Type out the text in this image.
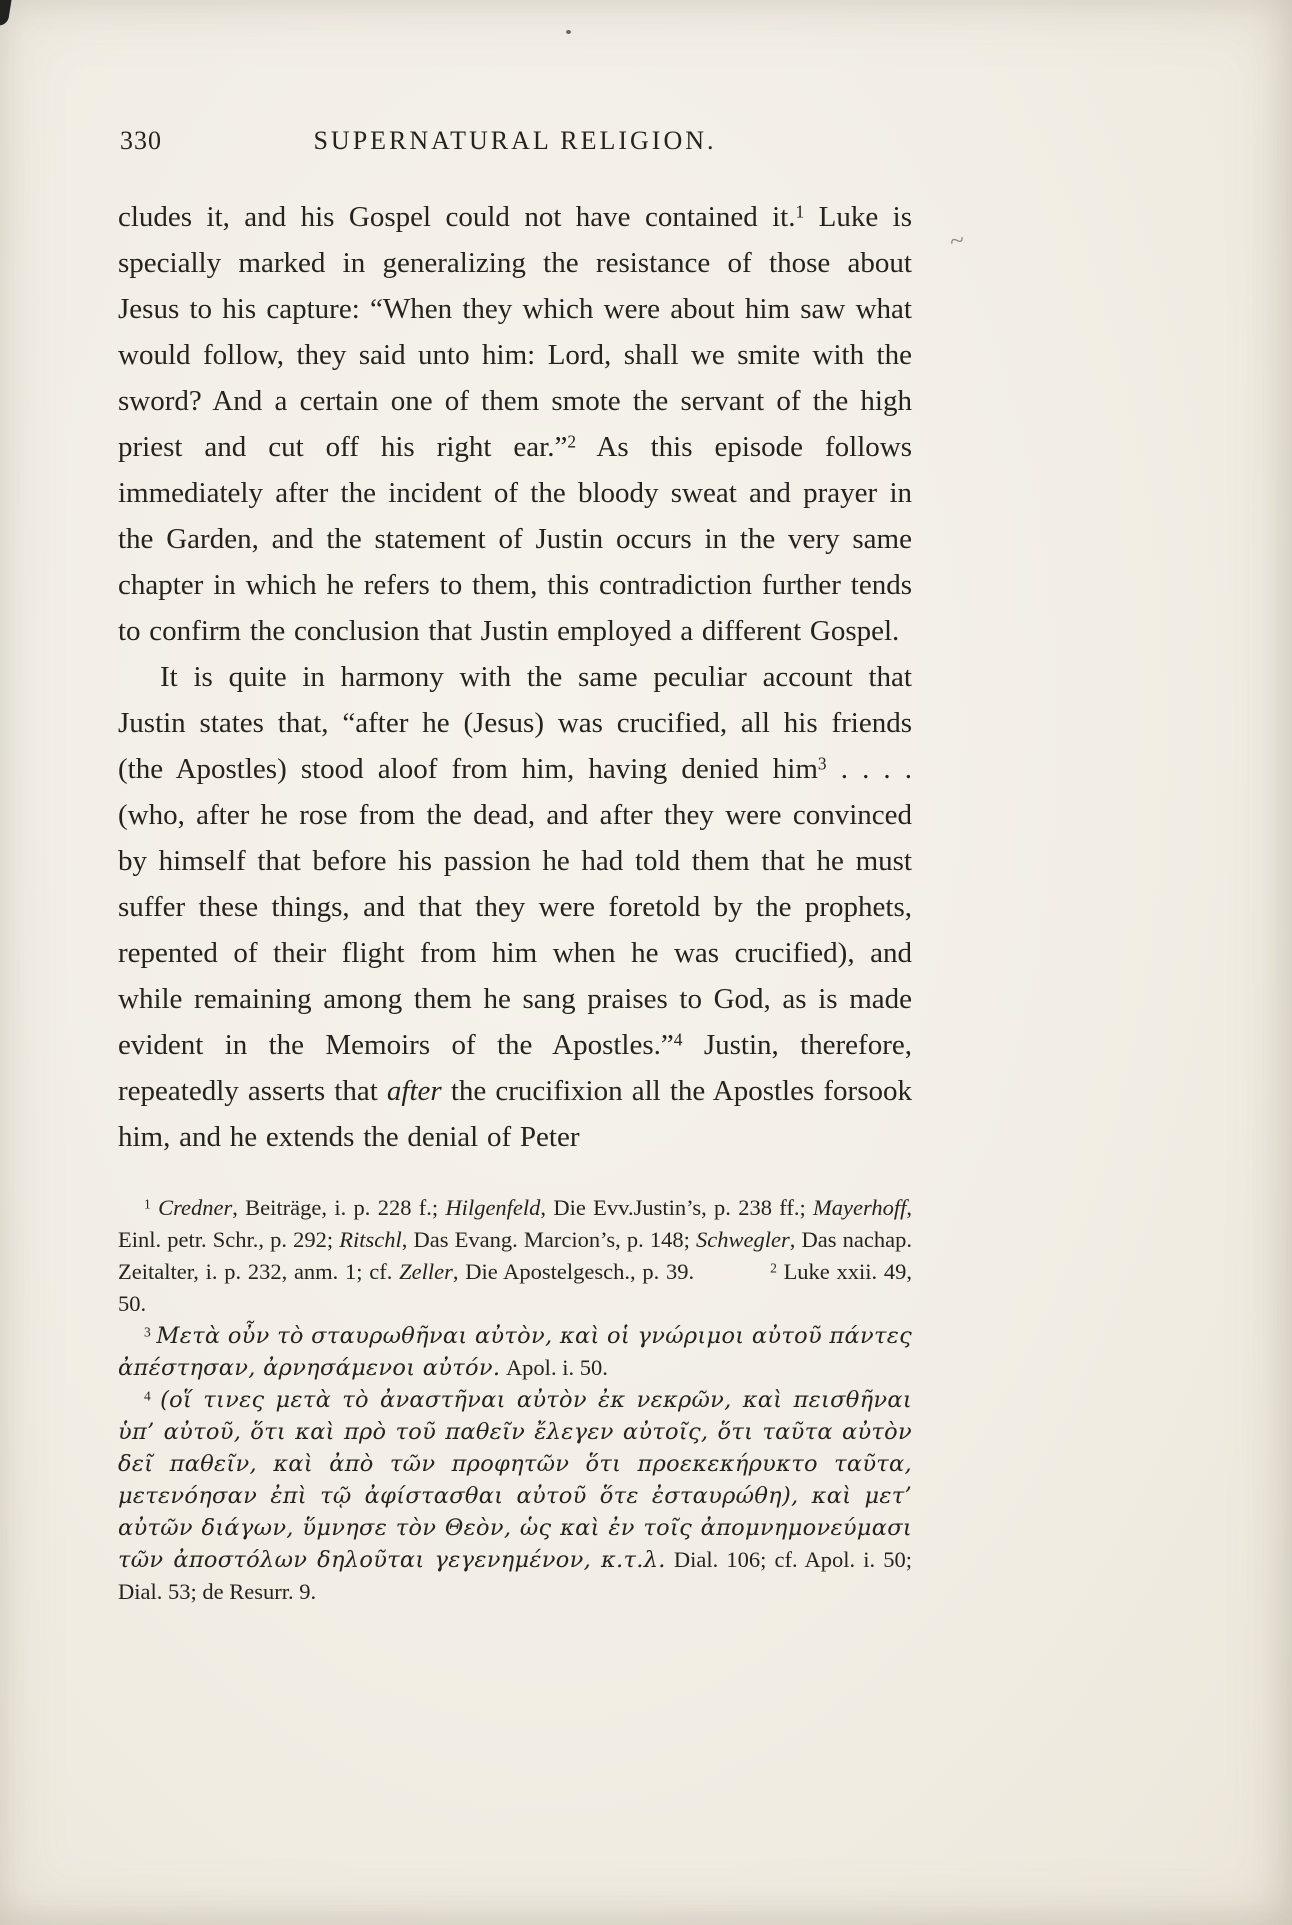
~
330	SUPERNATURAL RELIGION.

cludes it, and his Gospel could not have contained it.$^1$ Luke is specially marked in generalizing the resistance of those about Jesus to his capture: “When they which were about him saw what would follow, they said unto him: Lord, shall we smite with the sword? And a certain one of them smote the servant of the high priest and cut off his right ear.”$^2$ As this episode follows immediately after the incident of the bloody sweat and prayer in the Garden, and the statement of Justin occurs in the very same chapter in which he refers to them, this contradiction further tends to confirm the conclusion that Justin employed a different Gospel.

It is quite in harmony with the same peculiar account that Justin states that, “after he (Jesus) was crucified, all his friends (the Apostles) stood aloof from him, having denied him$^3$ . . . . (who, after he rose from the dead, and after they were convinced by himself that before his passion he had told them that he must suffer these things, and that they were foretold by the prophets, repented of their flight from him when he was crucified), and while remaining among them he sang praises to God, as is made evident in the Memoirs of the Apostles.”$^4$ Justin, therefore, repeatedly asserts that after the crucifixion all the Apostles forsook him, and he extends the denial of Peter

$^1$ Credner, Beiträge, i. p. 228 f.; Hilgenfeld, Die Evv.Justin’s, p. 238 ff.; Mayerhoff, Einl. petr. Schr., p. 292; Ritschl, Das Evang. Marcion’s, p. 148; Schwegler, Das nachap. Zeitalter, i. p. 232, anm. 1; cf. Zeller, Die Apostelgesch., p. 39.	$^2$ Luke xxii. 49, 50.

$^3$ Μετὰ οὖν τὸ σταυρωθῆναι αὐτὸν, καὶ οἱ γνώριμοι αὐτοῦ πάντες ἀπέστησαν, ἀρνησάμενοι αὐτόν. Apol. i. 50.

$^4$ (οἵ τινες μετὰ τὸ ἀναστῆναι αὐτὸν ἐκ νεκρῶν, καὶ πεισθῆναι ὑπ’ αὐτοῦ, ὅτι καὶ πρὸ τοῦ παθεῖν ἔλεγεν αὐτοῖς, ὅτι ταῦτα αὐτὸν δεῖ παθεῖν, καὶ ἀπὸ τῶν προφητῶν ὅτι προεκεκήρυκτο ταῦτα, μετενόησαν ἐπὶ τῷ ἀφίστασθαι αὐτοῦ ὅτε ἐσταυρώθη), καὶ μετ’ αὐτῶν διάγων, ὕμνησε τὸν Θεὸν, ὡς καὶ ἐν τοῖς ἀπομνημονεύμασι τῶν ἀποστόλων δηλοῦται γεγενημένον, κ.τ.λ. Dial. 106; cf. Apol. i. 50; Dial. 53; de Resurr. 9.
